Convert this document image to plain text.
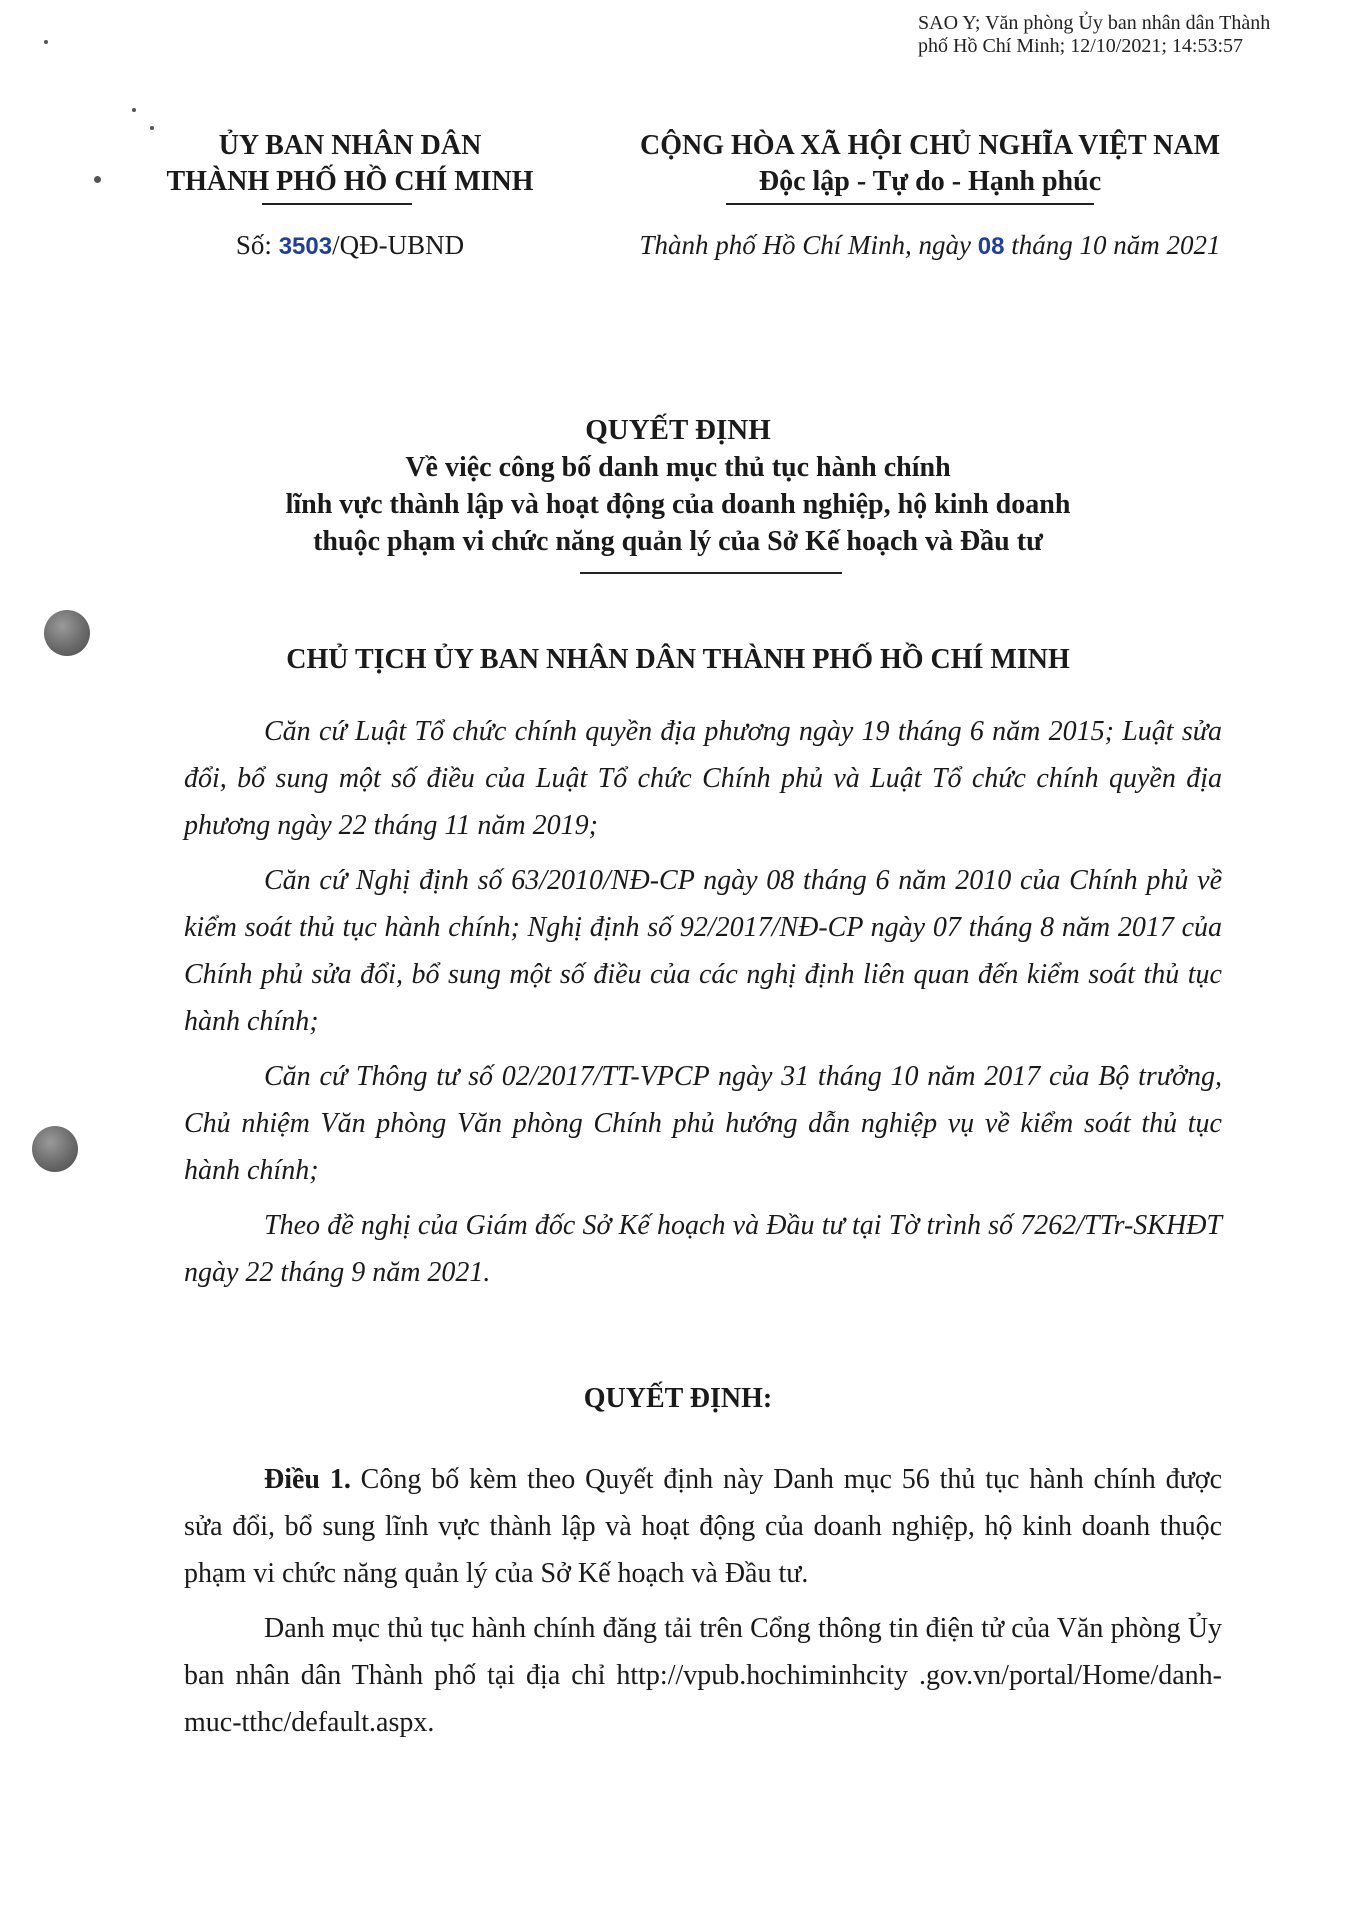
SAO Y; Văn phòng Ủy ban nhân dân Thành
phố Hồ Chí Minh; 12/10/2021; 14:53:57
ỦY BAN NHÂN DÂN
THÀNH PHỐ HỒ CHÍ MINH
CỘNG HÒA XÃ HỘI CHỦ NGHĨA VIỆT NAM
Độc lập - Tự do - Hạnh phúc
Số: 3503/QĐ-UBND	Thành phố Hồ Chí Minh, ngày 08 tháng 10 năm 2021
QUYẾT ĐỊNH
Về việc công bố danh mục thủ tục hành chính
lĩnh vực thành lập và hoạt động của doanh nghiệp, hộ kinh doanh
thuộc phạm vi chức năng quản lý của Sở Kế hoạch và Đầu tư
CHỦ TỊCH ỦY BAN NHÂN DÂN THÀNH PHỐ HỒ CHÍ MINH

Căn cứ Luật Tổ chức chính quyền địa phương ngày 19 tháng 6 năm 2015; Luật sửa đổi, bổ sung một số điều của Luật Tổ chức Chính phủ và Luật Tổ chức chính quyền địa phương ngày 22 tháng 11 năm 2019;

Căn cứ Nghị định số 63/2010/NĐ-CP ngày 08 tháng 6 năm 2010 của Chính phủ về kiểm soát thủ tục hành chính; Nghị định số 92/2017/NĐ-CP ngày 07 tháng 8 năm 2017 của Chính phủ sửa đổi, bổ sung một số điều của các nghị định liên quan đến kiểm soát thủ tục hành chính;

Căn cứ Thông tư số 02/2017/TT-VPCP ngày 31 tháng 10 năm 2017 của Bộ trưởng, Chủ nhiệm Văn phòng Văn phòng Chính phủ hướng dẫn nghiệp vụ về kiểm soát thủ tục hành chính;

Theo đề nghị của Giám đốc Sở Kế hoạch và Đầu tư tại Tờ trình số 7262/TTr-SKHĐT ngày 22 tháng 9 năm 2021.

QUYẾT ĐỊNH:

Điều 1. Công bố kèm theo Quyết định này Danh mục 56 thủ tục hành chính được sửa đổi, bổ sung lĩnh vực thành lập và hoạt động của doanh nghiệp, hộ kinh doanh thuộc phạm vi chức năng quản lý của Sở Kế hoạch và Đầu tư.

Danh mục thủ tục hành chính đăng tải trên Cổng thông tin điện tử của Văn phòng Ủy ban nhân dân Thành phố tại địa chỉ http://vpub.hochiminhcity .gov.vn/portal/Home/danh-muc-tthc/default.aspx.
